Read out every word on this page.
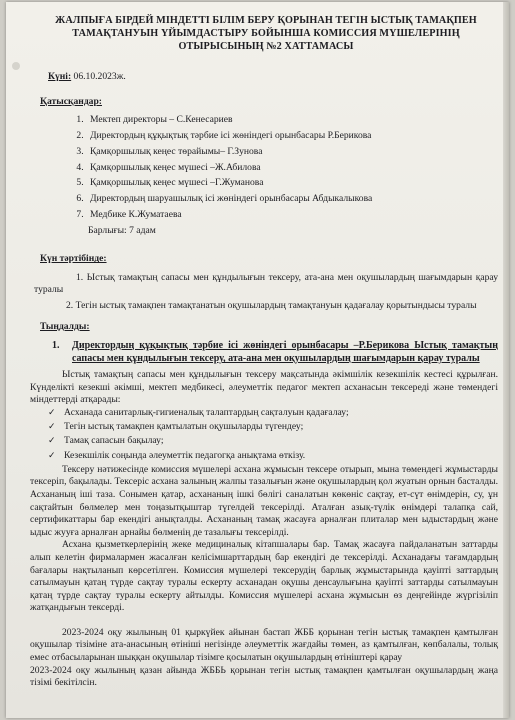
ЖАЛПЫҒА БІРДЕЙ МІНДЕТТІ БІЛІМ БЕРУ ҚОРЫНАН ТЕГІН ЫСТЫҚ ТАМАҚПЕН ТАМАҚТАНУЫН ҮЙЫМДАСТЫРУ БОЙЫНША КОМИССИЯ МҮШЕЛЕРІНІҢ ОТЫРЫСЫНЫҢ №2 ХАТТАМАСЫ
Күні: 06.10.2023ж.
Қатысқандар:
1. Мектеп директоры – С.Кенесариев
2. Директордың құқықтық тәрбие ісі жөніндегі орынбасары Р.Берикова
3. Қамқоршылық кеңес төрайымы– Г.Зунова
4. Қамқоршылық кеңес мүшесі –Ж.Абилова
5. Қамқоршылық кеңес мүшесі –Г.Жуманова
6. Директордың шаруашылық ісі жөніндегі орынбасары Абдыкалыкова
7. Медбике К.Жуматаева
Барлығы: 7 адам
Күн тәртібінде:
1. Ыстық тамақтың сапасы мен құндылығын тексеру, ата-ана мен оқушылардың шағымдарын қарау туралы
2. Тегін ыстық тамақпен тамақтанатын оқушылардың тамақтануын қадағалау қорытындысы туралы
Тыңдалды:
1.	Директордың құқықтық тәрбие ісі жөніндегі орынбасары –Р.Берикова Ыстық тамақтың сапасы мен құндылығын тексеру, ата-ана мен оқушылардың шағымдарын қарау туралы

Ыстық тамақтың сапасы мен құндылығын тексеру мақсатында әкімшілік кезекшілік кестесі құрылған. Күнделікті кезекші әкімші, мектеп медбикесі, әлеуметтік педагог мектеп асханасын тексереді және төмендегі міндеттерді атқарады:

✓ Асханада санитарлық-гигиеналық талаптардың сақталуын қадағалау;
✓ Тегін ыстық тамақпен қамтылатын оқушыларды түгендеу;
✓ Тамақ сапасын бақылау;
✓ Кезекшілік соңында әлеуметтік педагогқа анықтама өткізу.

Тексеру нәтижесінде комиссия мүшелері асхана жұмысын тексере отырып, мына төмендегі жұмыстарды тексеріп, бақылады. Тексеріс асхана залының жалпы тазалығын және оқушылардың қол жуатын орнын басталды. Асхананың іші таза. Сонымен қатар, асхананың ішкі бөлігі саналатын көкөніс сақтау, ет-сүт өнімдерін, су, ұн сақтайтын бөлмелер мен тоңазытқыштар түгелдей тексерілді. Аталған азық-түлік өнімдері талапқа сай, сертификаттары бар екендігі анықталды. Асхананың тамақ жасауға арналған плиталар мен ыдыстардың және ыдыс жууға арналған арнайы бөлменің де тазалығы тексерілді.

Асхана қызметкерлерінің жеке медициналық кітапшалары бар. Тамақ жасауға пайдаланатын заттарды алып келетін фирмалармен жасалған келісімшарттардың бар екендігі де тексерілді. Асханадағы тағамдардың бағалары нақтыланып көрсетілген. Комиссия мүшелері тексерудің барлық жұмыстарында қауіпті заттардың сатылмауын қатаң түрде сақтау туралы ескерту асханадан оқушы денсаулығына қауіпті заттарды сатылмауын қатаң түрде сақтау туралы ескерту айтылды. Комиссия мүшелері асхана жұмысын өз деңгейінде жүргізіліп жатқандығын тексерді.

2023-2024 оқу жылының 01 қыркүйек айынан бастап ЖББ қорынан тегін ыстық тамақпен қамтылған оқушылар тізіміне ата-анасының өтініші негізінде әлеуметтік жағдайы төмен, аз қамтылған, көпбалалы, толық емес отбасыларынан шыққан оқушылар тізімге қосылатын оқушылардың өтініштері қарау

2023-2024 оқу жылының қазан айында ЖББЬ қорынан тегін ыстық тамақпен қамтылған оқушылардың жаңа тізімі бекітілсін.
